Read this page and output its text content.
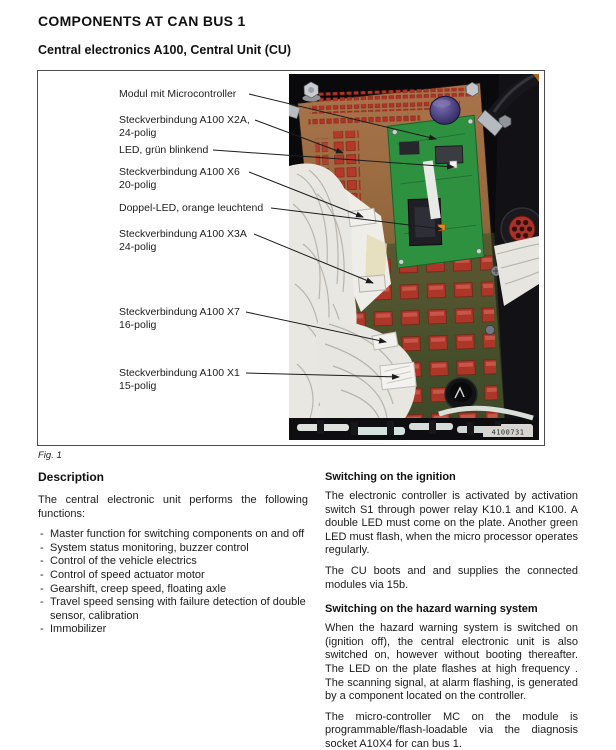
COMPONENTS AT CAN BUS 1
Central electronics A100, Central Unit (CU)
Modul mit Microcontroller
Steckverbindung A100 X2A,
24-polig
LED, grün blinkend
Steckverbindung A100 X6
20-polig
Doppel-LED, orange leuchtend
Steckverbindung A100 X3A
24-polig
Steckverbindung A100 X7
16-polig
Steckverbindung A100 X1
15-polig
4100731
Fig. 1
Description
The central electronic unit performs the following functions:
- Master function for switching components on and off
- System status monitoring, buzzer control
- Control of the vehicle electrics
- Control of speed actuator motor
- Gearshift, creep speed, floating axle
- Travel speed sensing with failure detection of double sensor, calibration
- Immobilizer
Switching on the ignition
The electronic controller is activated by activation switch S1 through power relay K10.1 and K100. A double LED must come on the plate. Another green LED must flash, when the micro processor operates regularly.
The CU boots and and supplies the connected modules via 15b.
Switching on the hazard warning system
When the hazard warning system is switched on (ignition off), the central electronic unit is also switched on, however without booting thereafter. The LED on the plate flashes at high frequency . The scanning signal, at alarm flashing, is generated by a component located on the controller.
The micro-controller MC on the module is programmable/flash-loadable via the diagnosis socket A10X4 for can bus 1.
